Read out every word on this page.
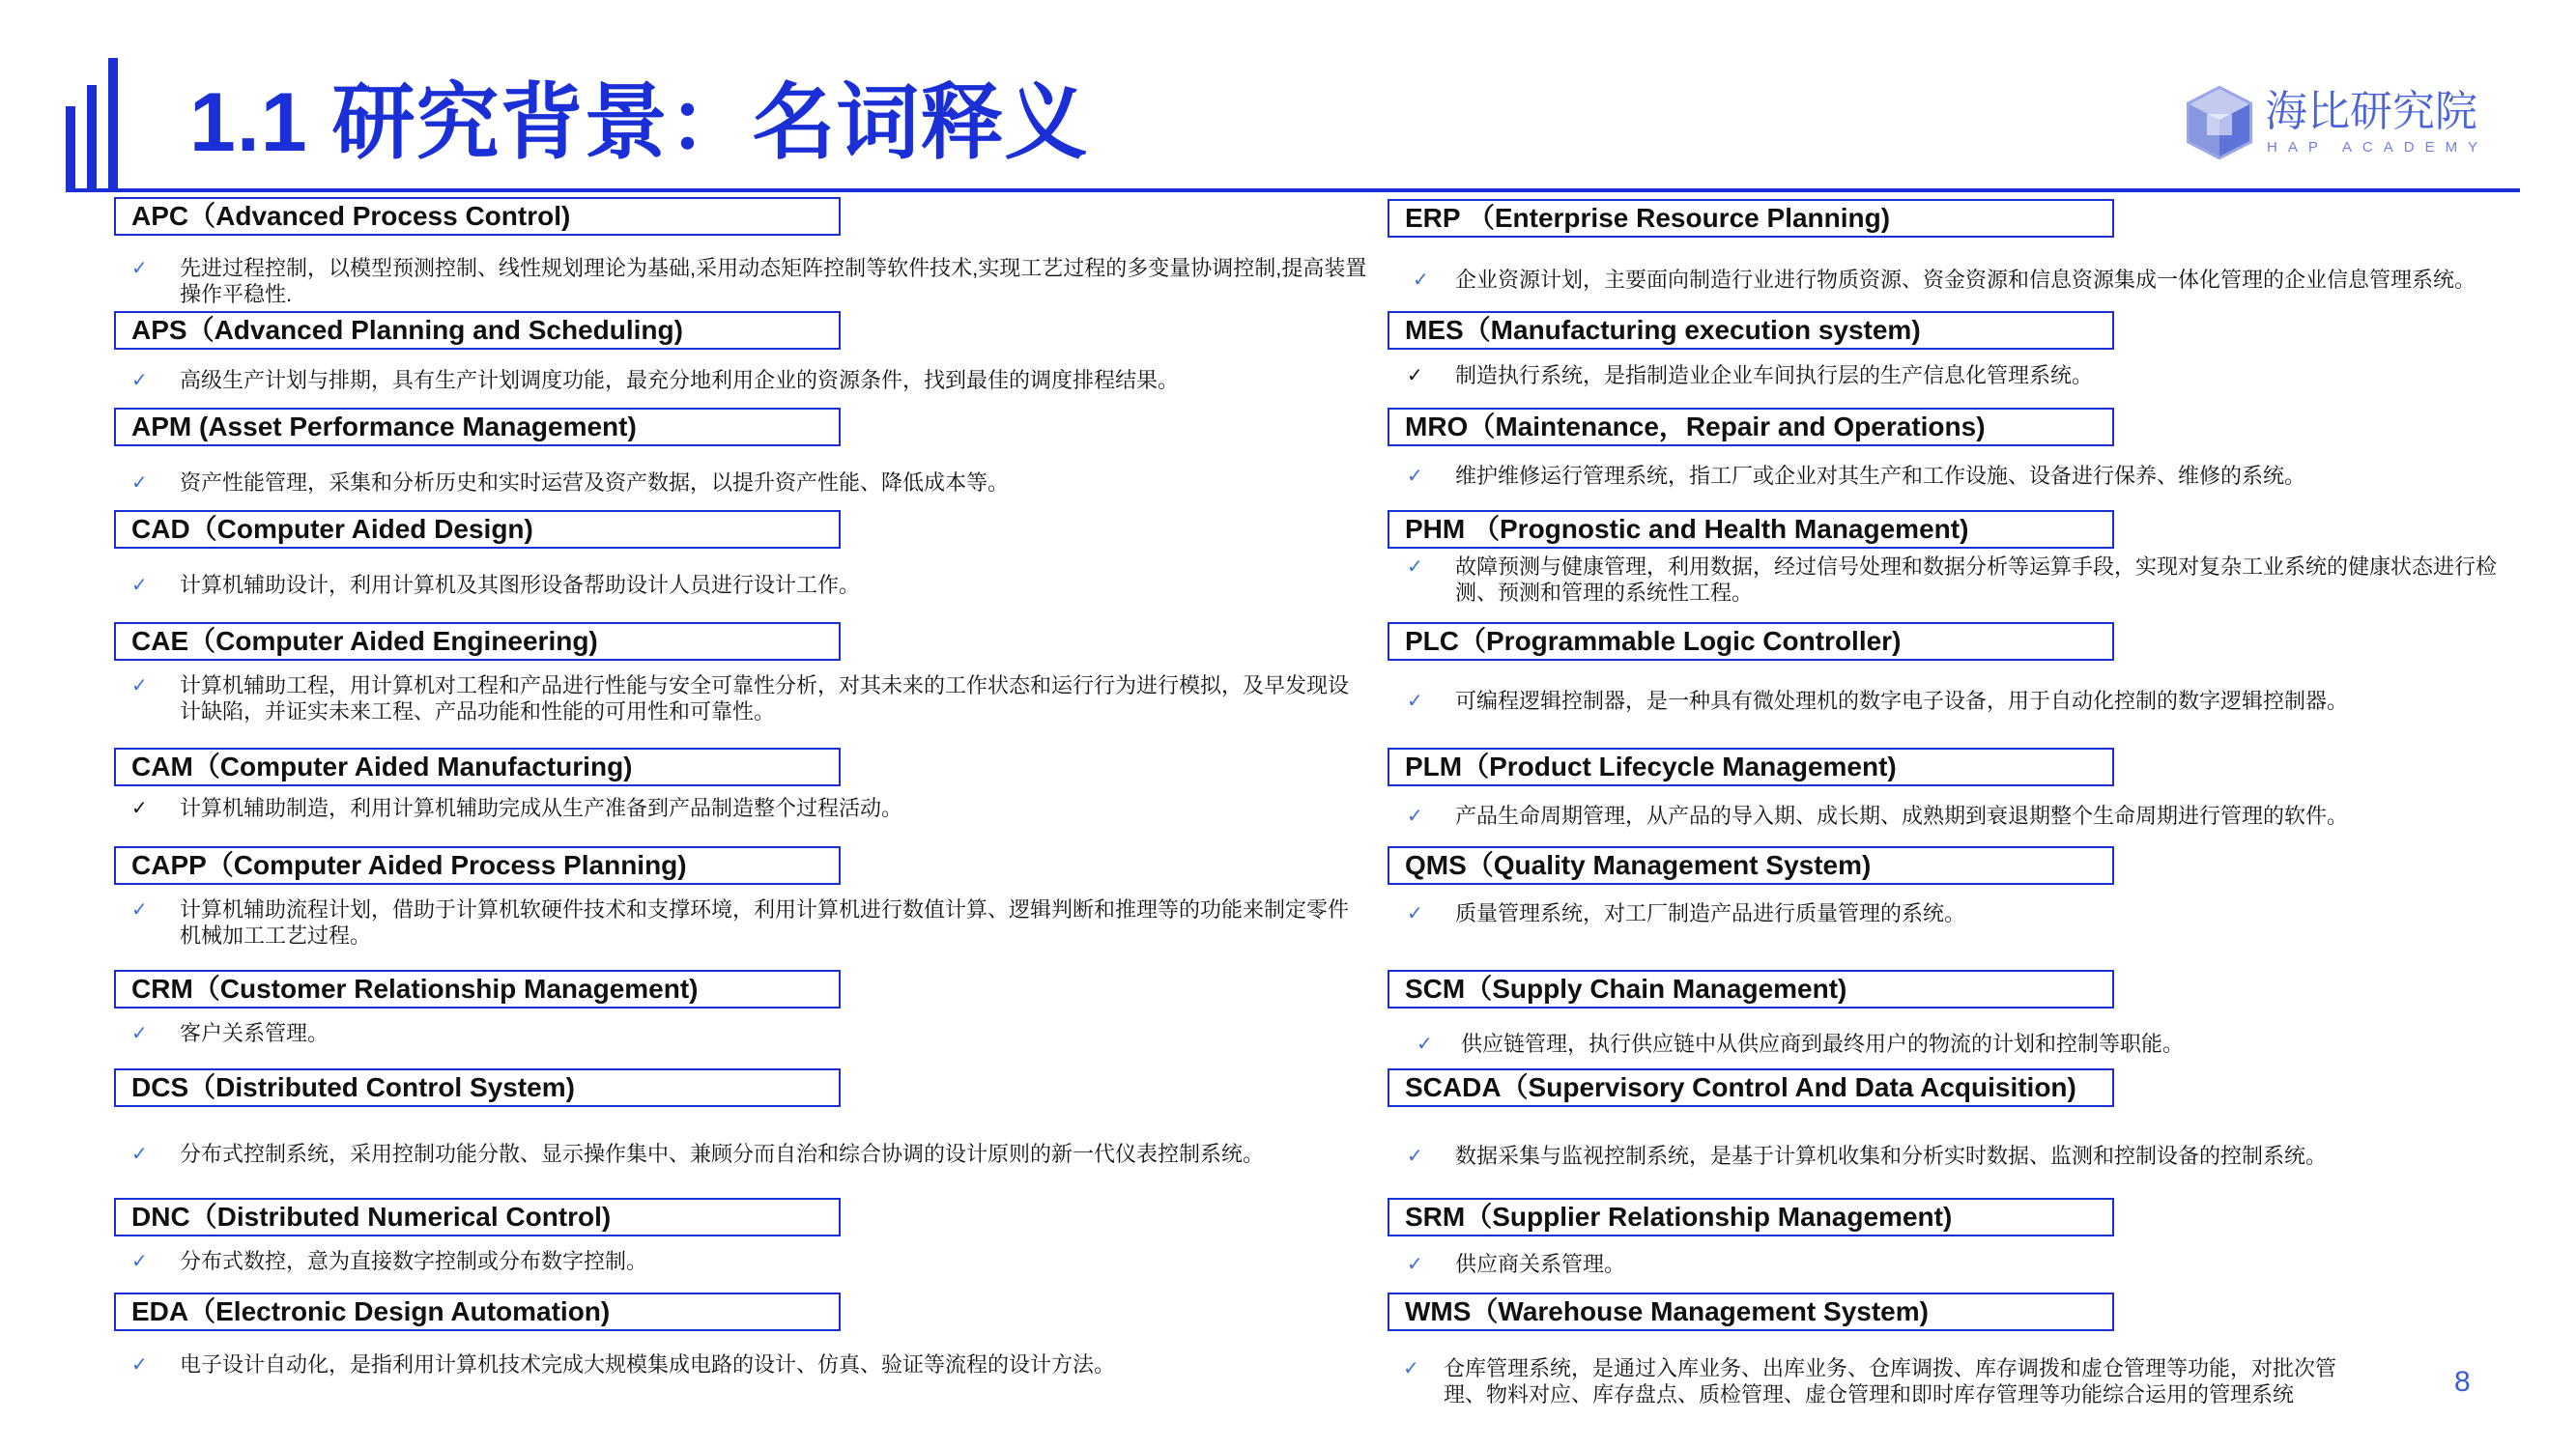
1.1 研究背景：名词释义	海比研究院
HAP ACADEMY
APC（Advanced Process Control)
✓ 先进过程控制，以模型预测控制、线性规划理论为基础,采用动态矩阵控制等软件技术,实现工艺过程的多变量协调控制,提高装置操作平稳性.
APS（Advanced Planning and Scheduling)
✓ 高级生产计划与排期，具有生产计划调度功能，最充分地利用企业的资源条件，找到最佳的调度排程结果。
APM (Asset Performance Management)
✓ 资产性能管理，采集和分析历史和实时运营及资产数据，以提升资产性能、降低成本等。
CAD（Computer Aided Design)
✓ 计算机辅助设计，利用计算机及其图形设备帮助设计人员进行设计工作。
CAE（Computer Aided Engineering)
✓ 计算机辅助工程，用计算机对工程和产品进行性能与安全可靠性分析，对其未来的工作状态和运行行为进行模拟，及早发现设计缺陷，并证实未来工程、产品功能和性能的可用性和可靠性。
CAM（Computer Aided Manufacturing)
✓ 计算机辅助制造，利用计算机辅助完成从生产准备到产品制造整个过程活动。
CAPP（Computer Aided Process Planning)
✓ 计算机辅助流程计划，借助于计算机软硬件技术和支撑环境，利用计算机进行数值计算、逻辑判断和推理等的功能来制定零件机械加工工艺过程。
CRM（Customer Relationship Management)
✓ 客户关系管理。
DCS（Distributed Control System)
✓ 分布式控制系统，采用控制功能分散、显示操作集中、兼顾分而自治和综合协调的设计原则的新一代仪表控制系统。
DNC（Distributed Numerical Control)
✓ 分布式数控，意为直接数字控制或分布数字控制。
EDA（Electronic Design Automation)
✓ 电子设计自动化，是指利用计算机技术完成大规模集成电路的设计、仿真、验证等流程的设计方法。
ERP （Enterprise Resource Planning)
✓ 企业资源计划，主要面向制造行业进行物质资源、资金资源和信息资源集成一体化管理的企业信息管理系统。
MES（Manufacturing execution system)
✓ 制造执行系统，是指制造业企业车间执行层的生产信息化管理系统。
MRO（Maintenance，Repair and Operations)
✓ 维护维修运行管理系统，指工厂或企业对其生产和工作设施、设备进行保养、维修的系统。
PHM （Prognostic and Health Management)
✓ 故障预测与健康管理，利用数据，经过信号处理和数据分析等运算手段，实现对复杂工业系统的健康状态进行检测、预测和管理的系统性工程。
PLC（Programmable Logic Controller)
✓ 可编程逻辑控制器，是一种具有微处理机的数字电子设备，用于自动化控制的数字逻辑控制器。
PLM（Product Lifecycle Management)
✓ 产品生命周期管理，从产品的导入期、成长期、成熟期到衰退期整个生命周期进行管理的软件。
QMS（Quality Management System)
✓ 质量管理系统，对工厂制造产品进行质量管理的系统。
SCM（Supply Chain Management)
✓ 供应链管理，执行供应链中从供应商到最终用户的物流的计划和控制等职能。
SCADA（Supervisory Control And Data Acquisition)
✓ 数据采集与监视控制系统，是基于计算机收集和分析实时数据、监测和控制设备的控制系统。
SRM（Supplier Relationship Management)
✓ 供应商关系管理。
WMS（Warehouse Management System)
✓ 仓库管理系统，是通过入库业务、出库业务、仓库调拨、库存调拨和虚仓管理等功能，对批次管理、物料对应、库存盘点、质检管理、虚仓管理和即时库存管理等功能综合运用的管理系统	8
